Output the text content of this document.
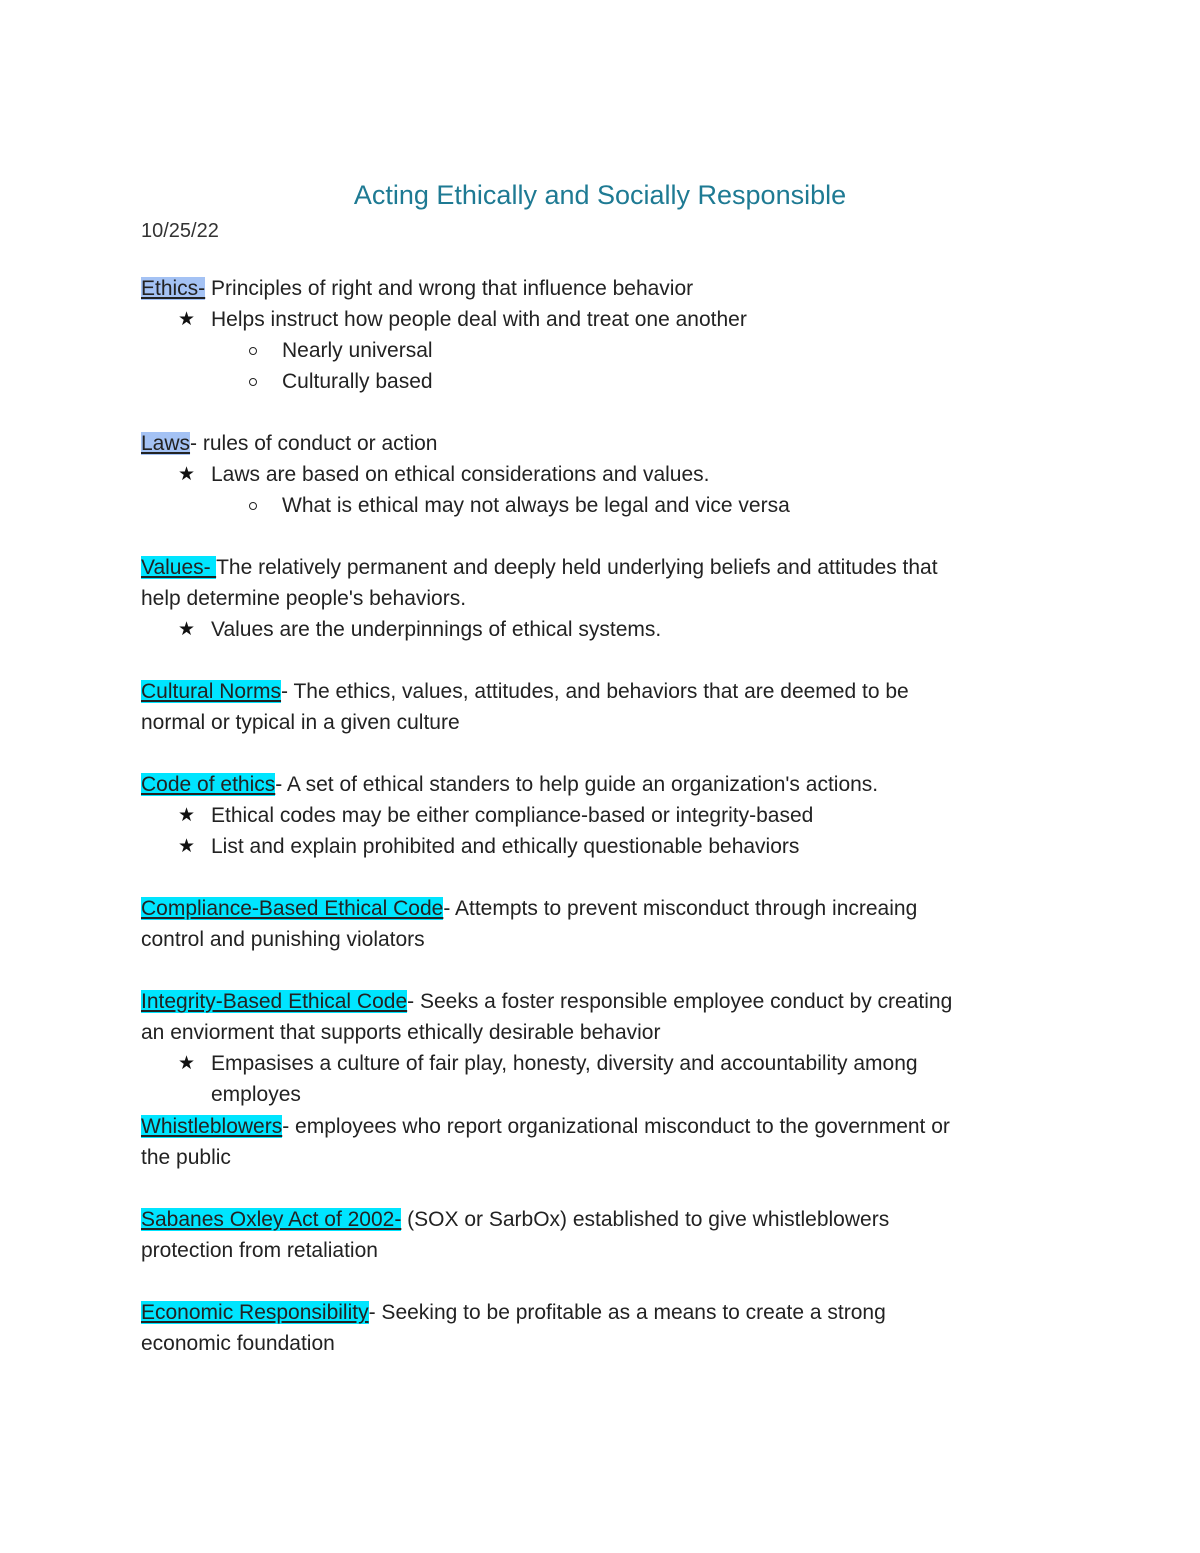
Acting Ethically and Socially Responsible
10/25/22
Ethics- Principles of right and wrong that influence behavior
★ Helps instruct how people deal with and treat one another
Nearly universal
Culturally based
Laws- rules of conduct or action
★ Laws are based on ethical considerations and values.
What is ethical may not always be legal and vice versa
Values- The relatively permanent and deeply held underlying beliefs and attitudes that
help determine people's behaviors.
★ Values are the underpinnings of ethical systems.
Cultural Norms- The ethics, values, attitudes, and behaviors that are deemed to be
normal or typical in a given culture
Code of ethics- A set of ethical standers to help guide an organization's actions.
★ Ethical codes may be either compliance-based or integrity-based
★ List and explain prohibited and ethically questionable behaviors
Compliance-Based Ethical Code- Attempts to prevent misconduct through increaing
control and punishing violators
Integrity-Based Ethical Code- Seeks a foster responsible employee conduct by creating
an enviorment that supports ethically desirable behavior
★ Empasises a culture of fair play, honesty, diversity and accountability among
employes
Whistleblowers- employees who report organizational misconduct to the government or
the public
Sabanes Oxley Act of 2002- (SOX or SarbOx) established to give whistleblowers
protection from retaliation
Economic Responsibility- Seeking to be profitable as a means to create a strong
economic foundation
